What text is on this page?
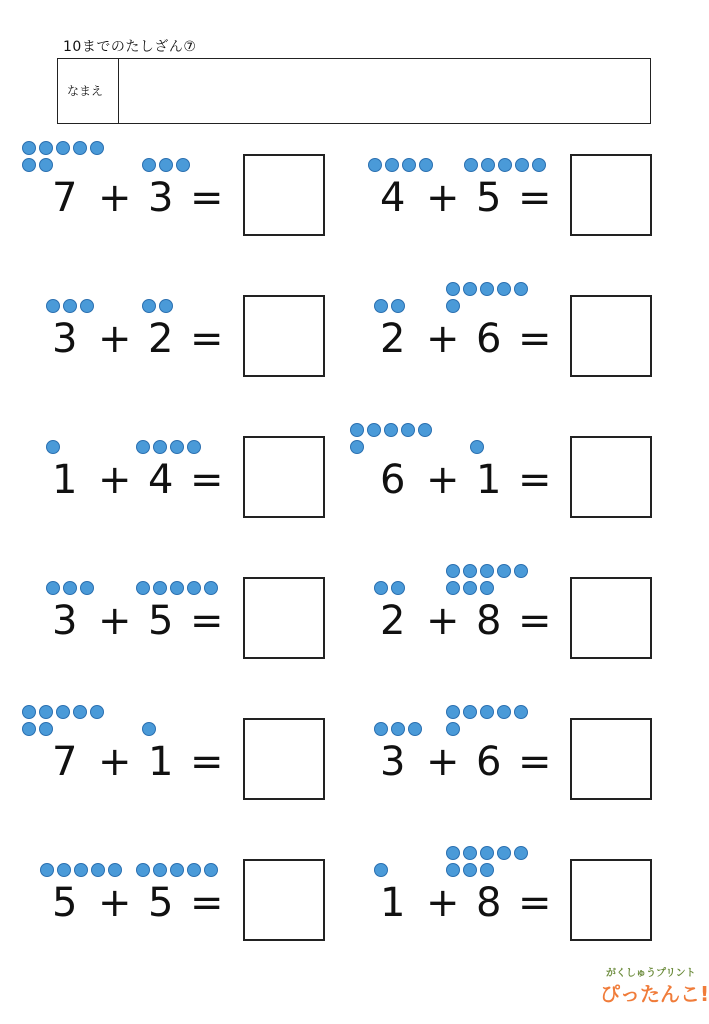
10までのたしざん⑦
なまえ
7 + 3 =	4 + 5 =
3 + 2 =	2 + 6 =
1 + 4 =	6 + 1 =
3 + 5 =	2 + 8 =
7 + 1 =	3 + 6 =
5 + 5 =	1 + 8 =
がくしゅうプリント
ぴったんこ!
